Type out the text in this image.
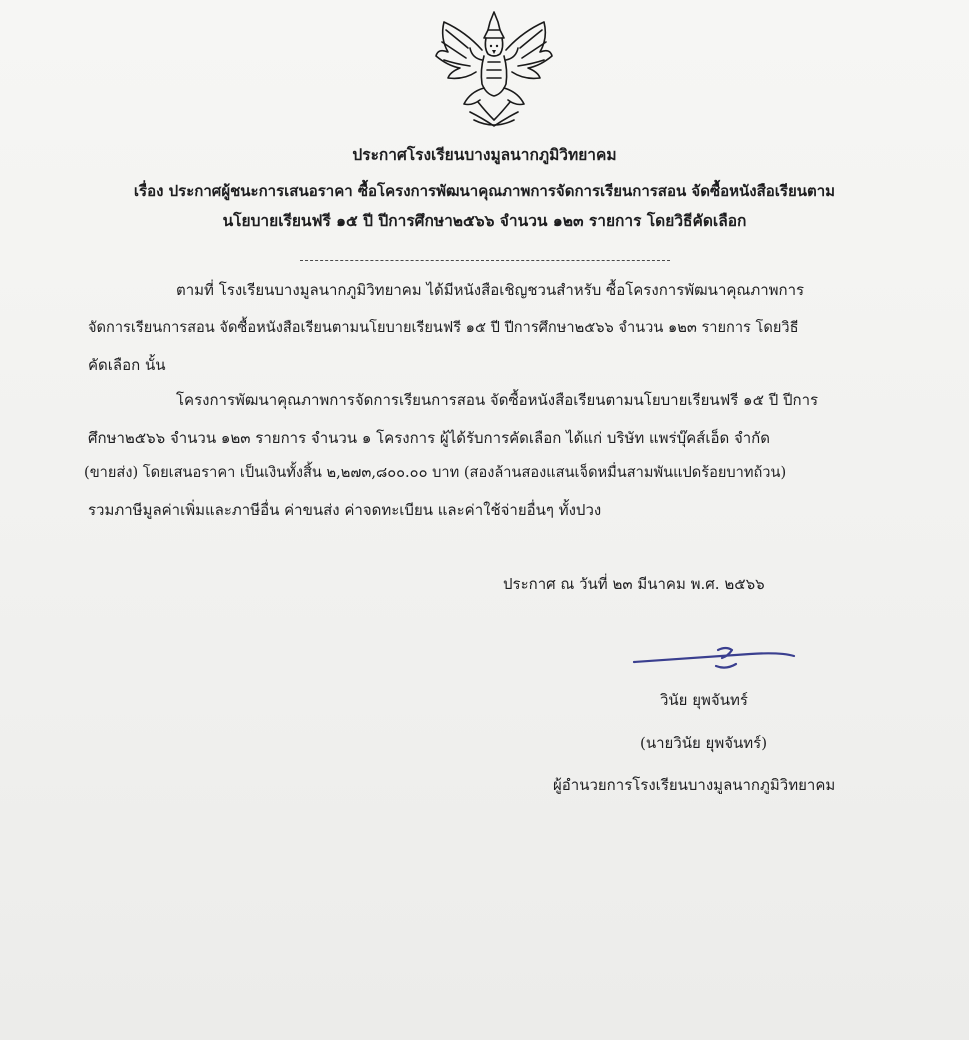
ประกาศโรงเรียนบางมูลนากภูมิวิทยาคม
เรื่อง ประกาศผู้ชนะการเสนอราคา ซื้อโครงการพัฒนาคุณภาพการจัดการเรียนการสอน จัดซื้อหนังสือเรียนตาม
นโยบายเรียนฟรี ๑๕ ปี ปีการศึกษา๒๕๖๖ จำนวน ๑๒๓ รายการ โดยวิธีคัดเลือก
ตามที่ โรงเรียนบางมูลนากภูมิวิทยาคม ได้มีหนังสือเชิญชวนสำหรับ ซื้อโครงการพัฒนาคุณภาพการ
จัดการเรียนการสอน จัดซื้อหนังสือเรียนตามนโยบายเรียนฟรี ๑๕ ปี ปีการศึกษา๒๕๖๖ จำนวน ๑๒๓ รายการ โดยวิธี
คัดเลือก นั้น
โครงการพัฒนาคุณภาพการจัดการเรียนการสอน จัดซื้อหนังสือเรียนตามนโยบายเรียนฟรี ๑๕ ปี ปีการ
ศึกษา๒๕๖๖ จำนวน ๑๒๓ รายการ จำนวน ๑ โครงการ ผู้ได้รับการคัดเลือก ได้แก่ บริษัท แพร่บุ๊คส์เอ็ด จำกัด
(ขายส่ง) โดยเสนอราคา เป็นเงินทั้งสิ้น ๒,๒๗๓,๘๐๐.๐๐ บาท (สองล้านสองแสนเจ็ดหมื่นสามพันแปดร้อยบาทถ้วน)
รวมภาษีมูลค่าเพิ่มและภาษีอื่น ค่าขนส่ง ค่าจดทะเบียน และค่าใช้จ่ายอื่นๆ ทั้งปวง
ประกาศ ณ วันที่ ๒๓ มีนาคม พ.ศ. ๒๕๖๖
วินัย ยุพจันทร์
(นายวินัย ยุพจันทร์)
ผู้อำนวยการโรงเรียนบางมูลนากภูมิวิทยาคม
